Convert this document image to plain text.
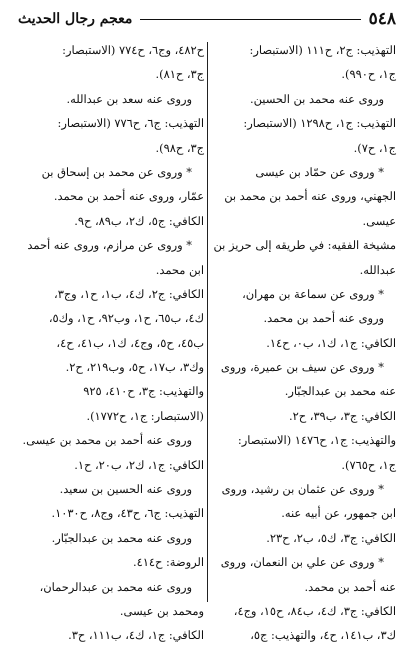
٥٤٨
معجم رجال الحديث
التهذيب: ج٢، ح١١١ (الاستبصار:
ج١، ح٩٩٠).
وروى عنه محمد بن الحسين.
التهذيب: ج١، ح١٢٩٨ (الاستبصار:
ج١، ح٧).
* وروى عن حمّاد بن عيسى
الجهني، وروى عنه أحمد بن محمد بن
عيسى.
مشيخة الفقيه: في طريقه إلى حريز بن
عبدالله.
* وروى عن سماعة بن مهران،
وروى عنه أحمد بن محمد.
الكافي: ج١، ك١، ب٠، ح١٤.
* وروى عن سيف بن عميرة، وروى
عنه محمد بن عبدالجبّار.
الكافي: ج٣، ب٣٩، ح٢.
والتهذيب: ج١، ح١٤٧٦ (الاستبصار:
ج١، ح٧٦٥).
* وروى عن عثمان بن رشيد، وروى
ابن جمهور، عن أبيه عنه.
الكافي: ج٣، ك٥، ب٢، ح٢٣.
* وروى عن علي بن النعمان، وروى
عنه أحمد بن محمد.
الكافي: ج٣، ك٤، ب٨٤، ح١٥، وج٤،
ك٣، ب١٤١، ح٤، والتهذيب: ج٥،
ح٤٨٢، وج٦، ح٧٧٤ (الاستبصار:
ج٣، ح٨١).
وروى عنه سعد بن عبدالله.
التهذيب: ج٦، ح٧٧٦ (الاستبصار:
ج٣، ح٩٨).
* وروى عن محمد بن إسحاق بن
عمّار، وروى عنه أحمد بن محمد.
الكافي: ج٥، ك٢، ب٨٩، ح٩.
* وروى عن مرازم، وروى عنه أحمد
ابن محمد.
الكافي: ج٢، ك٤، ب١، ح١، وج٣،
ك٤، ب٦٥، ح١، وب٩٢، ح١، وك٥،
ب٤٥، ح٥، وج٤، ك١، ب٤١، ح٤،
وك٣، ب١٧، ح٥، وب٢١٩، ح٢.
والتهذيب: ج٣، ح٤١٠، ٩٢٥
(الاستبصار: ج١، ح١٧٧٢).
وروى عنه أحمد بن محمد بن عيسى.
الكافي: ج١، ك٢، ب٢٠، ح١.
وروى عنه الحسين بن سعيد.
التهذيب: ج٦، ح٤٣، وج٨، ح١٠٣٠.
وروى عنه محمد بن عبدالجبّار.
الروضة: ح٤١٤.
وروى عنه محمد بن عبدالرحمان،
ومحمد بن عيسى.
الكافي: ج١، ك٤، ب١١١، ح٣.
